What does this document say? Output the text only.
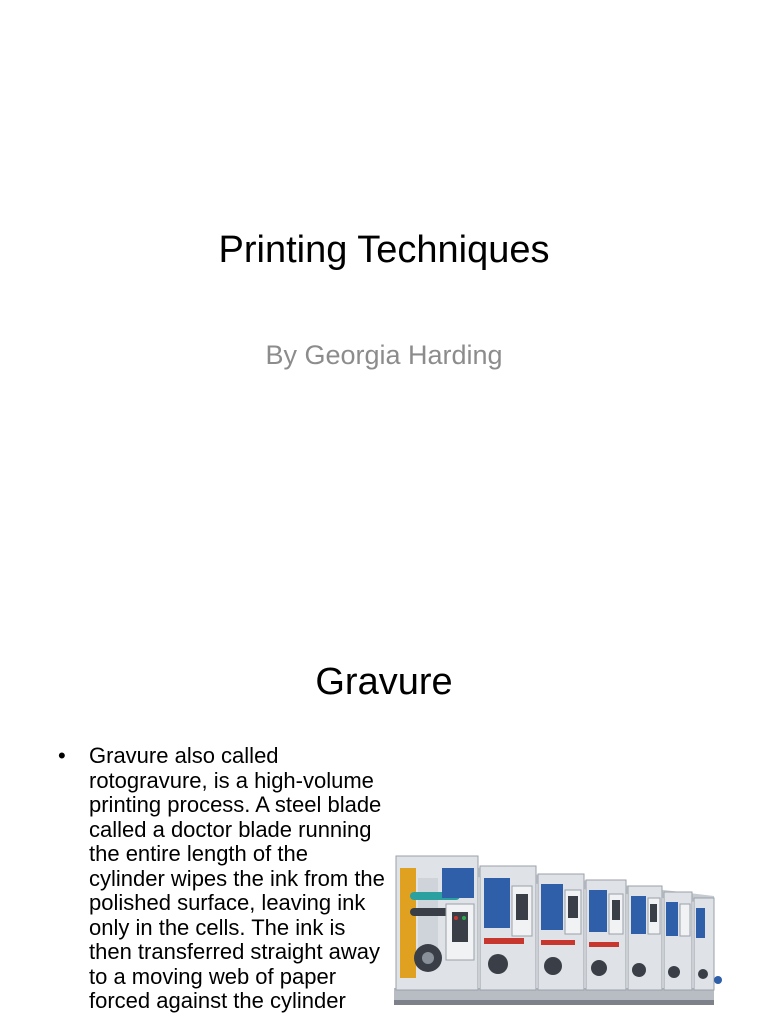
Printing Techniques
By Georgia Harding
Gravure
• Gravure also called rotogravure, is a high-volume printing process. A steel blade called a doctor blade running the entire length of the cylinder wipes the ink from the polished surface, leaving ink only in the cells. The ink is then transferred straight away to a moving web of paper forced against the cylinder
